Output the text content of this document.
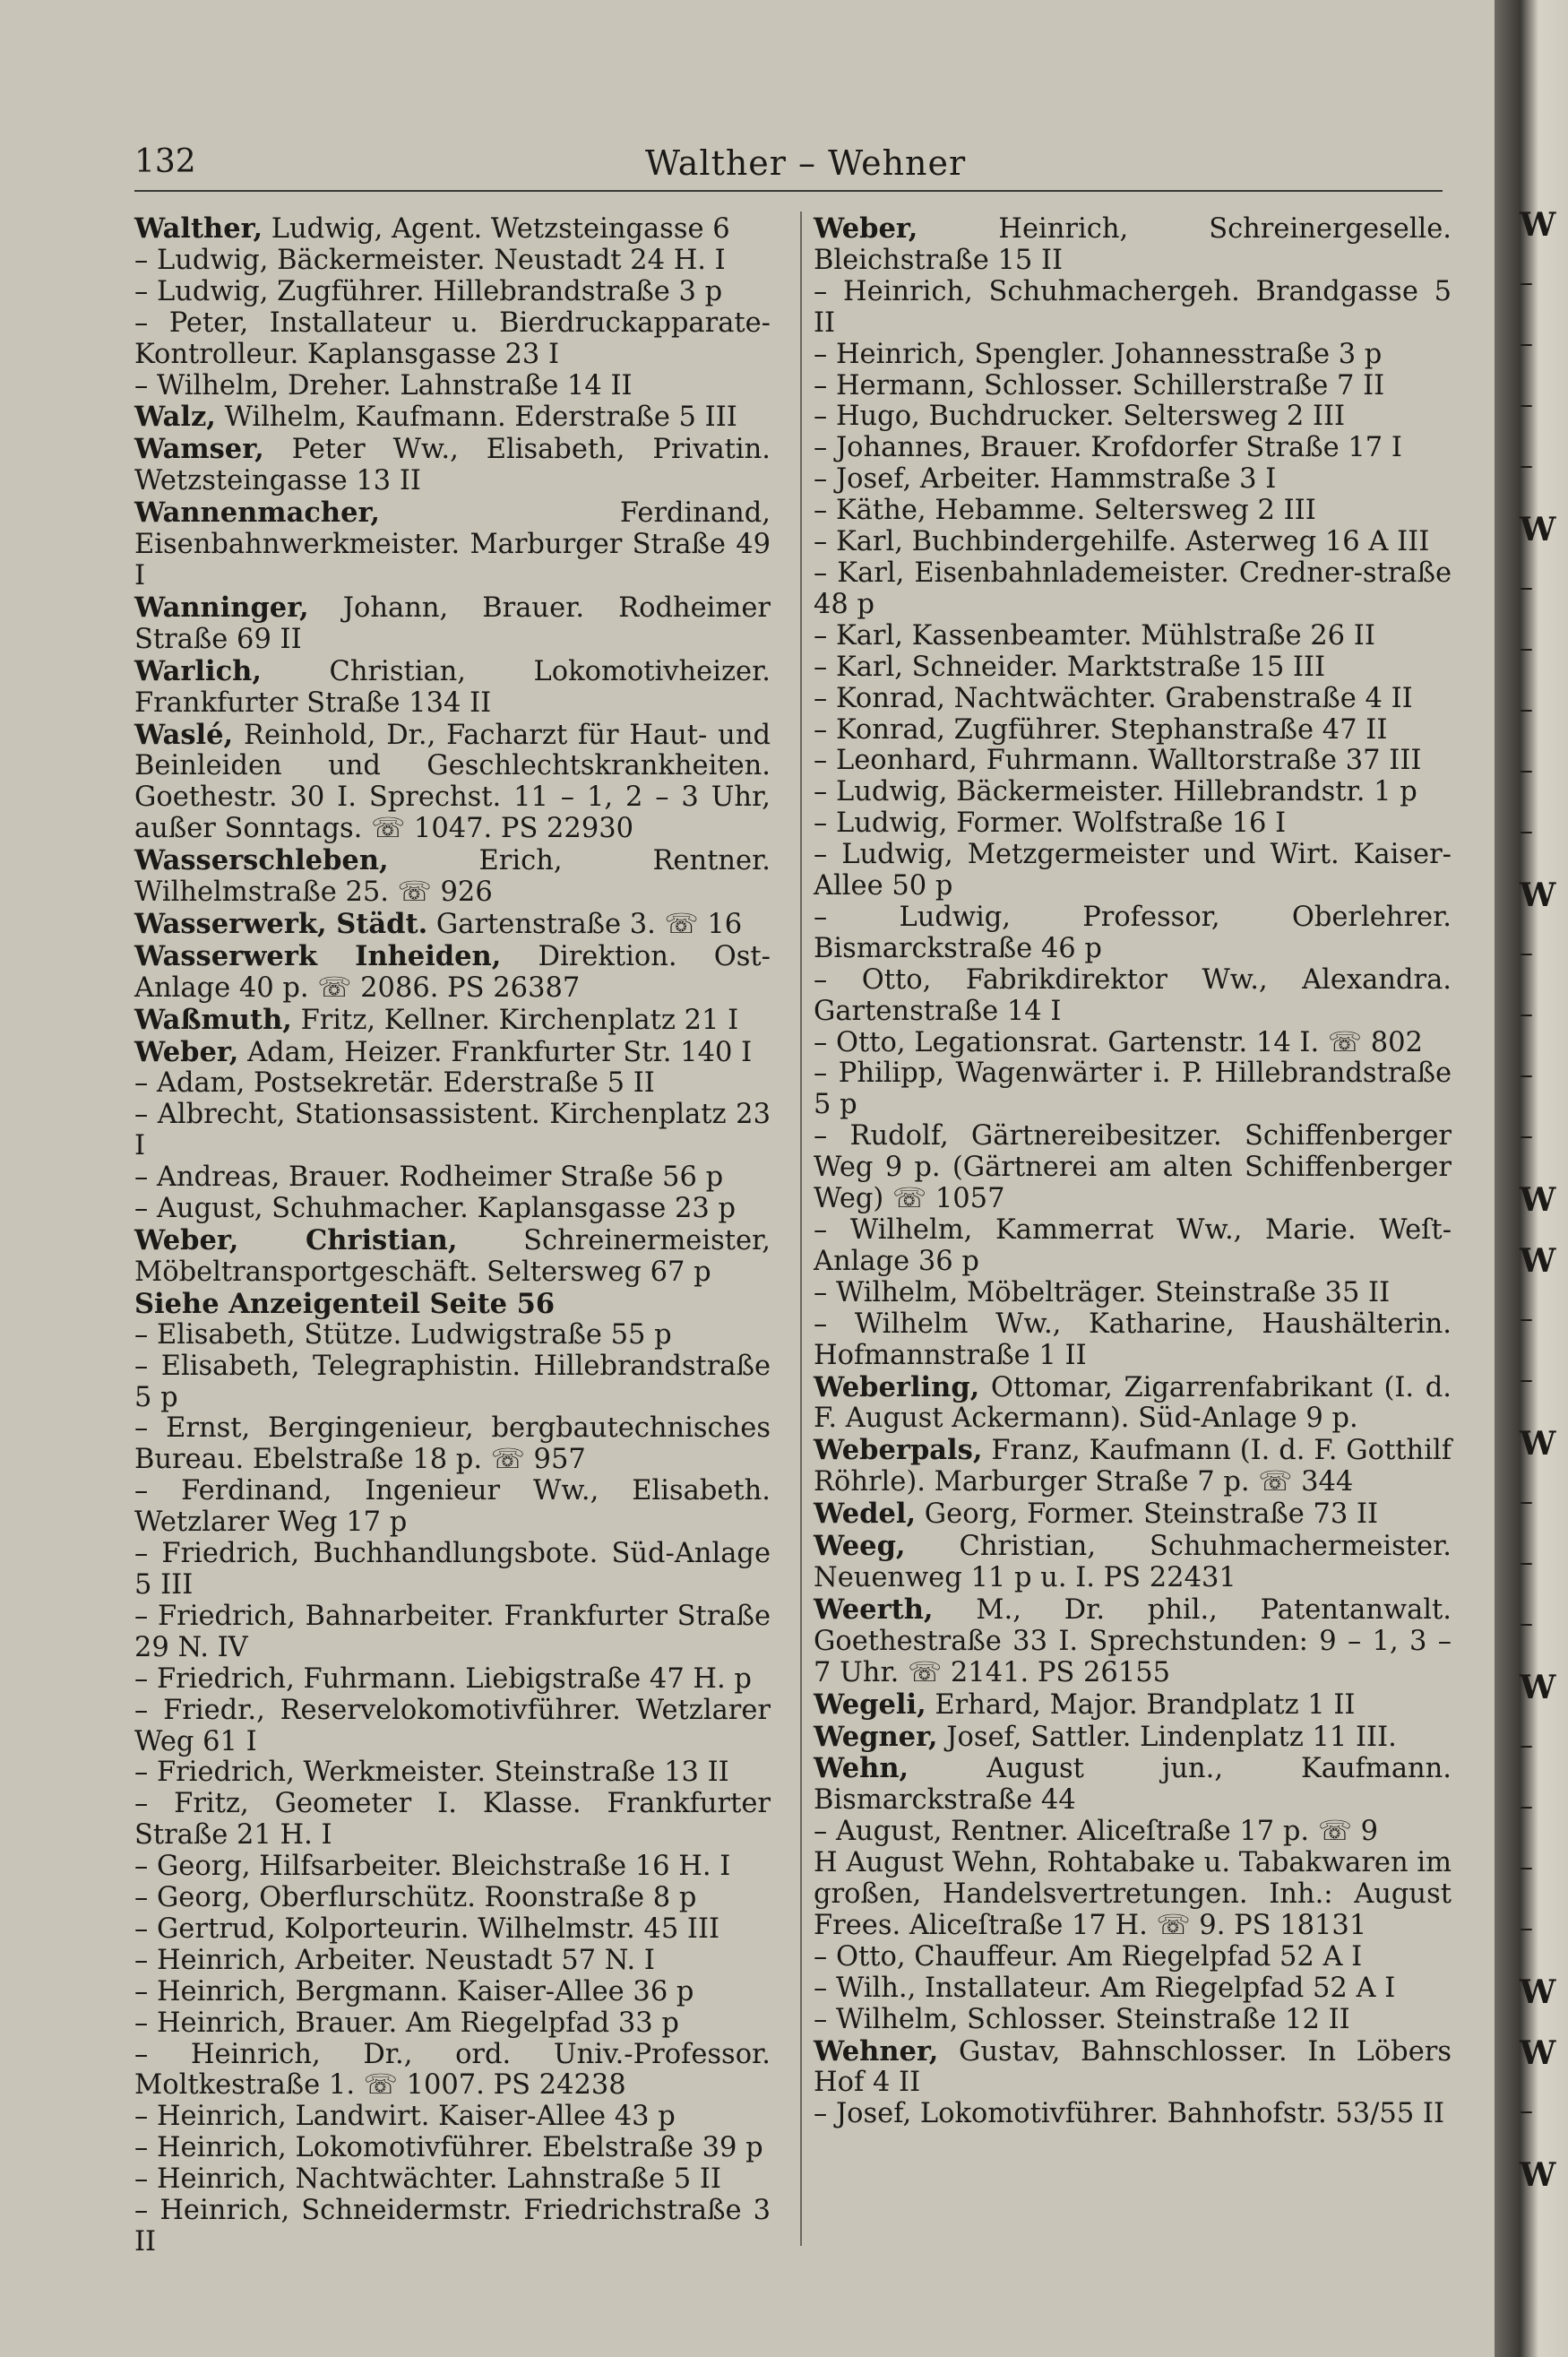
132	Walther – Wehner
Walther, Ludwig, Agent. Wetzsteingasse 6
– Ludwig, Bäckermeister. Neustadt 24 H. I
– Ludwig, Zugführer. Hillebrandstraße 3 p
– Peter, Installateur u. Bierdruckapparate-Kontrolleur. Kaplansgasse 23 I
– Wilhelm, Dreher. Lahnstraße 14 II
Walz, Wilhelm, Kaufmann. Ederstraße 5 III
Wamser, Peter Ww., Elisabeth, Privatin. Wetzsteingasse 13 II
Wannenmacher, Ferdinand, Eisenbahnwerkmeister. Marburger Straße 49 I
Wanninger, Johann, Brauer. Rodheimer Straße 69 II
Warlich, Christian, Lokomotivheizer. Frankfurter Straße 134 II
Waslé, Reinhold, Dr., Facharzt für Haut- und Beinleiden und Geschlechtskrankheiten. Goethestr. 30 I. Sprechst. 11 – 1, 2 – 3 Uhr, außer Sonntags. ☏ 1047. PS 22930
Wasserschleben, Erich, Rentner. Wilhelmstraße 25. ☏ 926
Wasserwerk, Städt. Gartenstraße 3. ☏ 16
Wasserwerk Inheiden, Direktion. Ost-Anlage 40 p. ☏ 2086. PS 26387
Waßmuth, Fritz, Kellner. Kirchenplatz 21 I
Weber, Adam, Heizer. Frankfurter Str. 140 I
– Adam, Postsekretär. Ederstraße 5 II
– Albrecht, Stationsassistent. Kirchenplatz 23 I
– Andreas, Brauer. Rodheimer Straße 56 p
– August, Schuhmacher. Kaplansgasse 23 p
Weber, Christian, Schreinermeister, Möbeltransportgeschäft. Seltersweg 67 p
Siehe Anzeigenteil Seite 56
– Elisabeth, Stütze. Ludwigstraße 55 p
– Elisabeth, Telegraphistin. Hillebrandstraße 5 p
– Ernst, Bergingenieur, bergbautechnisches Bureau. Ebelstraße 18 p. ☏ 957
– Ferdinand, Ingenieur Ww., Elisabeth. Wetzlarer Weg 17 p
– Friedrich, Buchhandlungsbote. Süd-Anlage 5 III
– Friedrich, Bahnarbeiter. Frankfurter Straße 29 N. IV
– Friedrich, Fuhrmann. Liebigstraße 47 H. p
– Friedr., Reservelokomotivführer. Wetzlarer Weg 61 I
– Friedrich, Werkmeister. Steinstraße 13 II
– Fritz, Geometer I. Klasse. Frankfurter Straße 21 H. I
– Georg, Hilfsarbeiter. Bleichstraße 16 H. I
– Georg, Oberflurschütz. Roonstraße 8 p
– Gertrud, Kolporteurin. Wilhelmstr. 45 III
– Heinrich, Arbeiter. Neustadt 57 N. I
– Heinrich, Bergmann. Kaiser-Allee 36 p
– Heinrich, Brauer. Am Riegelpfad 33 p
– Heinrich, Dr., ord. Univ.-Professor. Moltkestraße 1. ☏ 1007. PS 24238
– Heinrich, Landwirt. Kaiser-Allee 43 p
– Heinrich, Lokomotivführer. Ebelstraße 39 p
– Heinrich, Nachtwächter. Lahnstraße 5 II
– Heinrich, Schneidermstr. Friedrichstraße 3 II
Weber, Heinrich, Schreinergeselle. Bleichstraße 15 II
– Heinrich, Schuhmachergeh. Brandgasse 5 II
– Heinrich, Spengler. Johannesstraße 3 p
– Hermann, Schlosser. Schillerstraße 7 II
– Hugo, Buchdrucker. Seltersweg 2 III
– Johannes, Brauer. Krofdorfer Straße 17 I
– Josef, Arbeiter. Hammstraße 3 I
– Käthe, Hebamme. Seltersweg 2 III
– Karl, Buchbindergehilfe. Asterweg 16 A III
– Karl, Eisenbahnlademeister. Credner-straße 48 p
– Karl, Kassenbeamter. Mühlstraße 26 II
– Karl, Schneider. Marktstraße 15 III
– Konrad, Nachtwächter. Grabenstraße 4 II
– Konrad, Zugführer. Stephanstraße 47 II
– Leonhard, Fuhrmann. Walltorstraße 37 III
– Ludwig, Bäckermeister. Hillebrandstr. 1 p
– Ludwig, Former. Wolfstraße 16 I
– Ludwig, Metzgermeister und Wirt. Kaiser-Allee 50 p
– Ludwig, Professor, Oberlehrer. Bismarckstraße 46 p
– Otto, Fabrikdirektor Ww., Alexandra. Gartenstraße 14 I
– Otto, Legationsrat. Gartenstr. 14 I. ☏ 802
– Philipp, Wagenwärter i. P. Hillebrandstraße 5 p
– Rudolf, Gärtnereibesitzer. Schiffenberger Weg 9 p. (Gärtnerei am alten Schiffenberger Weg) ☏ 1057
– Wilhelm, Kammerrat Ww., Marie. Weſt-Anlage 36 p
– Wilhelm, Möbelträger. Steinstraße 35 II
– Wilhelm Ww., Katharine, Haushälterin. Hofmannstraße 1 II
Weberling, Ottomar, Zigarrenfabrikant (I. d. F. August Ackermann). Süd-Anlage 9 p.
Weberpals, Franz, Kaufmann (I. d. F. Gotthilf Röhrle). Marburger Straße 7 p. ☏ 344
Wedel, Georg, Former. Steinstraße 73 II
Weeg, Christian, Schuhmachermeister. Neuenweg 11 p u. I. PS 22431
Weerth, M., Dr. phil., Patentanwalt. Goethestraße 33 I. Sprechstunden: 9 – 1, 3 – 7 Uhr. ☏ 2141. PS 26155
Wegeli, Erhard, Major. Brandplatz 1 II
Wegner, Josef, Sattler. Lindenplatz 11 III.
Wehn, August jun., Kaufmann. Bismarckstraße 44
– August, Rentner. Aliceſtraße 17 p. ☏ 9
H August Wehn, Rohtabake u. Tabakwaren im großen, Handelsvertretungen. Inh.: August Frees. Aliceſtraße 17 H. ☏ 9. PS 18131
– Otto, Chauffeur. Am Riegelpfad 52 A I
– Wilh., Installateur. Am Riegelpfad 52 A I
– Wilhelm, Schlosser. Steinstraße 12 II
Wehner, Gustav, Bahnschlosser. In Löbers Hof 4 II
– Josef, Lokomotivführer. Bahnhofstr. 53/55 II
W
–
–
–
–
W
–
–
–
–
–
W
–
–
–
–
W
W
–
–
W
–
–
–
W
–
–
–
–
W
W
–
W
